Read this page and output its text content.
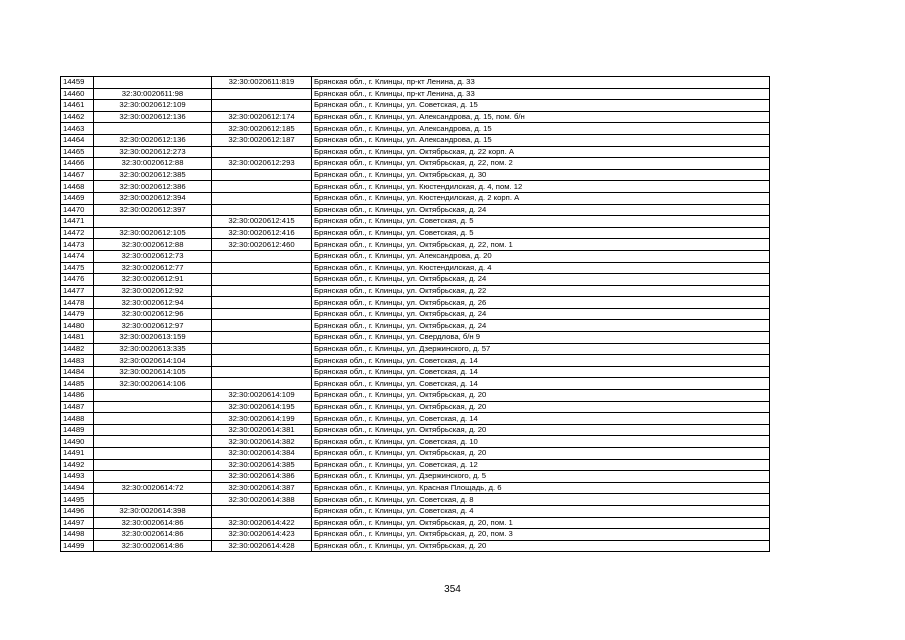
14459		32:30:0020611:819	Брянская обл., г. Клинцы, пр-кт Ленина, д. 33
14460	32:30:0020611:98		Брянская обл., г. Клинцы, пр-кт Ленина, д. 33
14461	32:30:0020612:109		Брянская обл., г. Клинцы, ул. Советская, д. 15
14462	32:30:0020612:136	32:30:0020612:174	Брянская обл., г. Клинцы, ул. Александрова, д. 15, пом. б/н
14463		32:30:0020612:185	Брянская обл., г. Клинцы, ул. Александрова, д. 15
14464	32:30:0020612:136	32:30:0020612:187	Брянская обл., г. Клинцы, ул. Александрова, д. 15
14465	32:30:0020612:273		Брянская обл., г. Клинцы, ул. Октябрьская, д. 22 корп. А
14466	32:30:0020612:88	32:30:0020612:293	Брянская обл., г. Клинцы, ул. Октябрьская, д. 22, пом. 2
14467	32:30:0020612:385		Брянская обл., г. Клинцы, ул. Октябрьская, д. 30
14468	32:30:0020612:386		Брянская обл., г. Клинцы, ул. Кюстендилская, д. 4, пом. 12
14469	32:30:0020612:394		Брянская обл., г. Клинцы, ул. Кюстендилская, д. 2 корп. А
14470	32:30:0020612:397		Брянская обл., г. Клинцы, ул. Октябрьская, д. 24
14471		32:30:0020612:415	Брянская обл., г. Клинцы, ул. Советская, д. 5
14472	32:30:0020612:105	32:30:0020612:416	Брянская обл., г. Клинцы, ул. Советская, д. 5
14473	32:30:0020612:88	32:30:0020612:460	Брянская обл., г. Клинцы, ул. Октябрьская, д. 22, пом. 1
14474	32:30:0020612:73		Брянская обл., г. Клинцы, ул. Александрова, д. 20
14475	32:30:0020612:77		Брянская обл., г. Клинцы, ул. Кюстендилская, д. 4
14476	32:30:0020612:91		Брянская обл., г. Клинцы, ул. Октябрьская, д. 24
14477	32:30:0020612:92		Брянская обл., г. Клинцы, ул. Октябрьская, д. 22
14478	32:30:0020612:94		Брянская обл., г. Клинцы, ул. Октябрьская, д. 26
14479	32:30:0020612:96		Брянская обл., г. Клинцы, ул. Октябрьская, д. 24
14480	32:30:0020612:97		Брянская обл., г. Клинцы, ул. Октябрьская, д. 24
14481	32:30:0020613:159		Брянская обл., г. Клинцы, ул. Свердлова, б/н 9
14482	32:30:0020613:335		Брянская обл., г. Клинцы, ул. Дзержинского, д. 57
14483	32:30:0020614:104		Брянская обл., г. Клинцы, ул. Советская, д. 14
14484	32:30:0020614:105		Брянская обл., г. Клинцы, ул. Советская, д. 14
14485	32:30:0020614:106		Брянская обл., г. Клинцы, ул. Советская, д. 14
14486		32:30:0020614:109	Брянская обл., г. Клинцы, ул. Октябрьская, д. 20
14487		32:30:0020614:195	Брянская обл., г. Клинцы, ул. Октябрьская, д. 20
14488		32:30:0020614:199	Брянская обл., г. Клинцы, ул. Советская, д. 14
14489		32:30:0020614:381	Брянская обл., г. Клинцы, ул. Октябрьская, д. 20
14490		32:30:0020614:382	Брянская обл., г. Клинцы, ул. Советская, д. 10
14491		32:30:0020614:384	Брянская обл., г. Клинцы, ул. Октябрьская, д. 20
14492		32:30:0020614:385	Брянская обл., г. Клинцы, ул. Советская, д. 12
14493		32:30:0020614:386	Брянская обл., г. Клинцы, ул. Дзержинского, д. 5
14494	32:30:0020614:72	32:30:0020614:387	Брянская обл., г. Клинцы, ул. Красная Площадь, д. 6
14495		32:30:0020614:388	Брянская обл., г. Клинцы, ул. Советская, д. 8
14496	32:30:0020614:398		Брянская обл., г. Клинцы, ул. Советская, д. 4
14497	32:30:0020614:86	32:30:0020614:422	Брянская обл., г. Клинцы, ул. Октябрьская, д. 20, пом. 1
14498	32:30:0020614:86	32:30:0020614:423	Брянская обл., г. Клинцы, ул. Октябрьская, д. 20, пом. 3
14499	32:30:0020614:86	32:30:0020614:428	Брянская обл., г. Клинцы, ул. Октябрьская, д. 20
354
